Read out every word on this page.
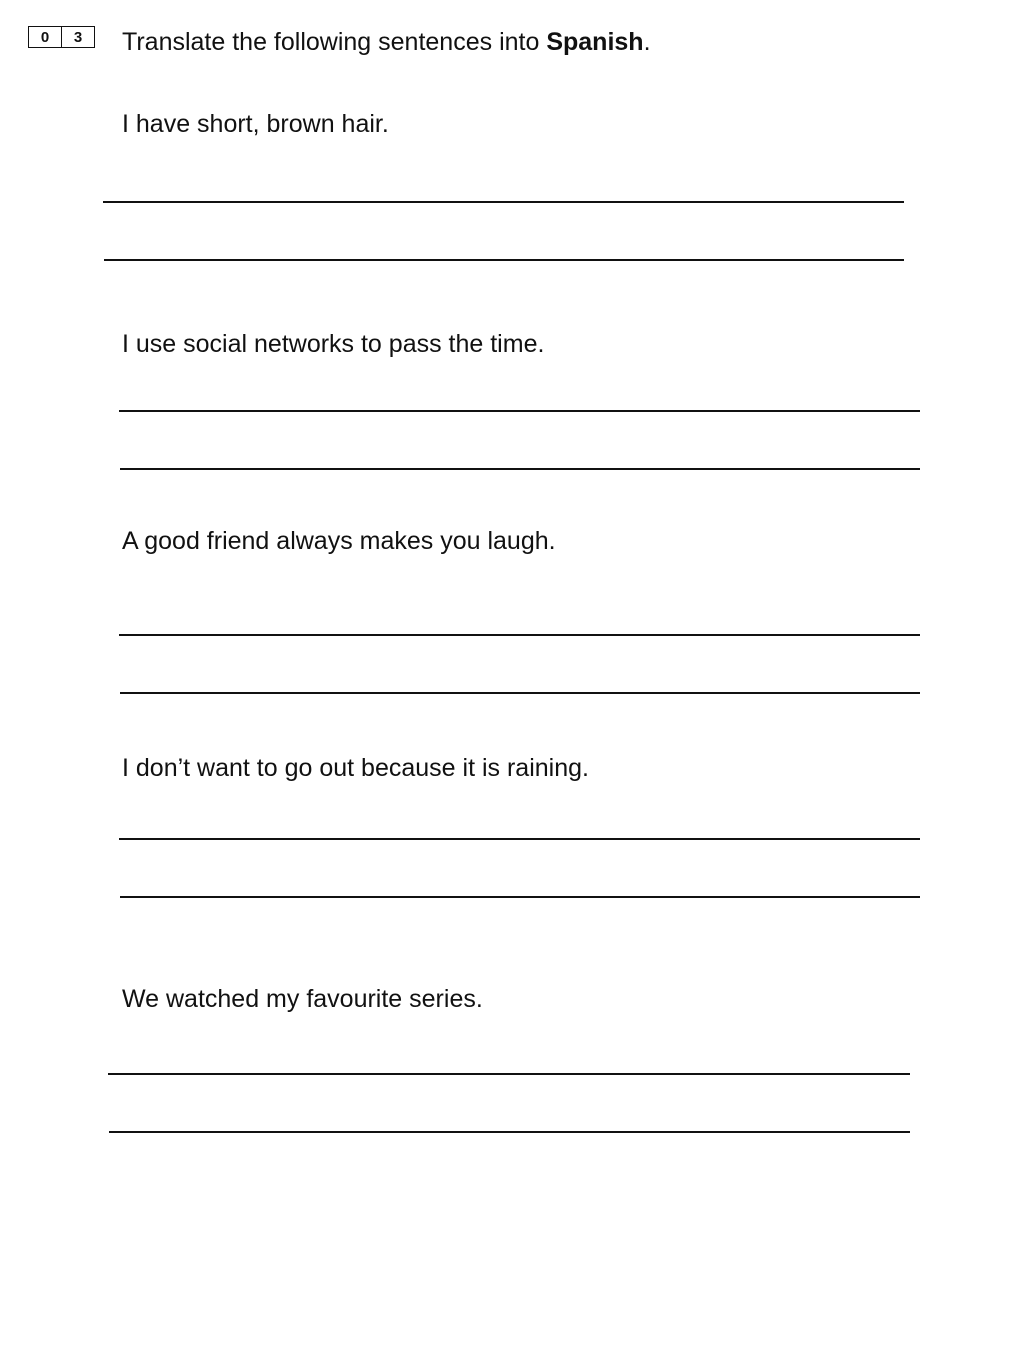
0	3	Translate the following sentences into Spanish.
I have short, brown hair.
I use social networks to pass the time.
A good friend always makes you laugh.
I don’t want to go out because it is raining.
We watched my favourite series.
